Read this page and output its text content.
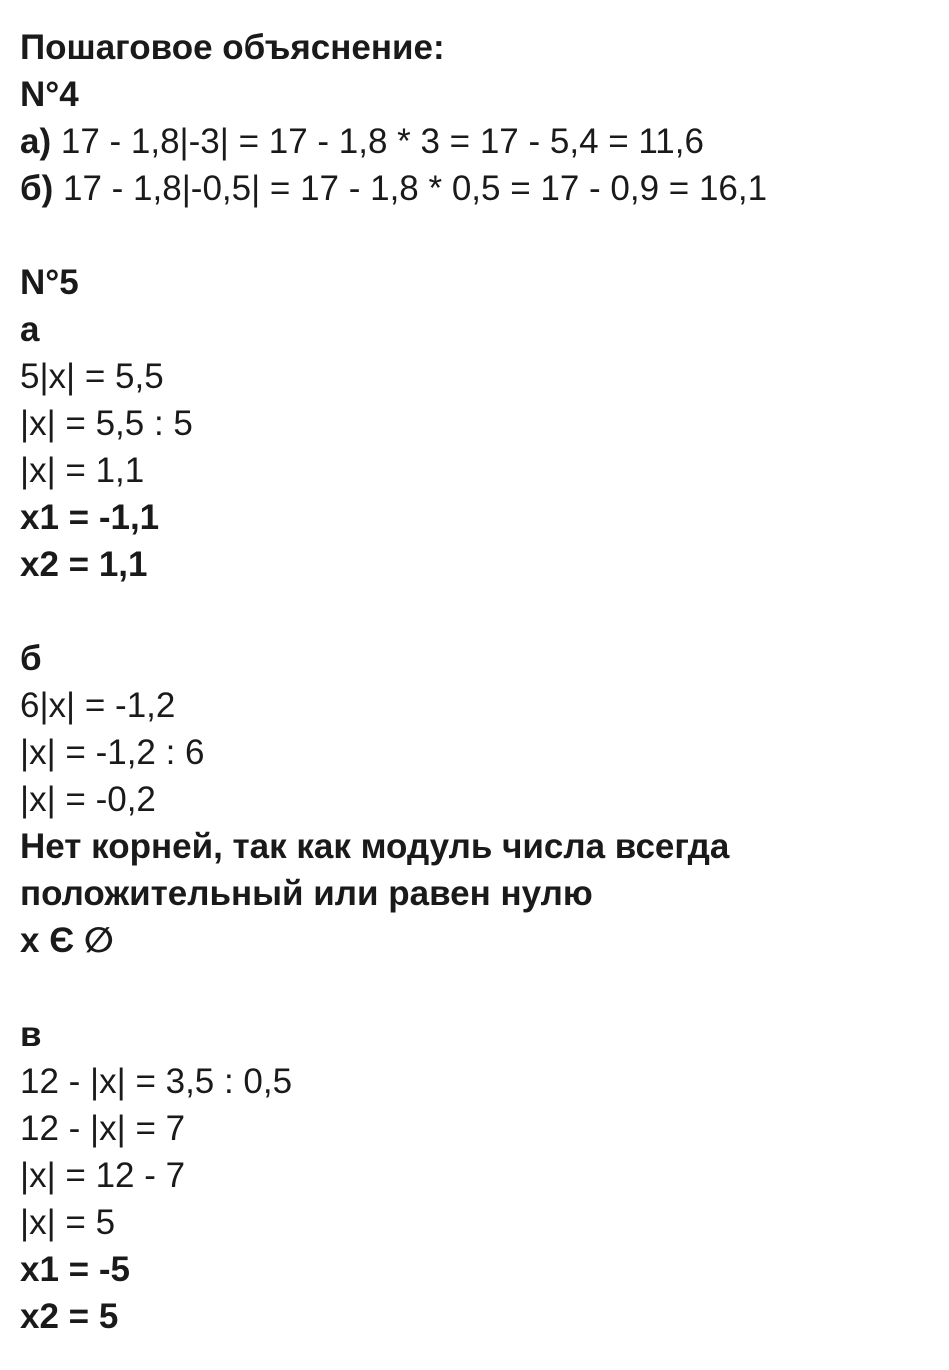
Пошаговое объяснение:
N°4
а) 17 - 1,8|-3| = 17 - 1,8 * 3 = 17 - 5,4 = 11,6
б) 17 - 1,8|-0,5| = 17 - 1,8 * 0,5 = 17 - 0,9 = 16,1
N°5
а
5|x| = 5,5
|x| = 5,5 : 5
|x| = 1,1
x1 = -1,1
x2 = 1,1
б
6|x| = -1,2
|x| = -1,2 : 6
|x| = -0,2
Нет корней, так как модуль числа всегда
положительный или равен нулю
x Є ∅
в
12 - |x| = 3,5 : 0,5
12 - |x| = 7
|x| = 12 - 7
|x| = 5
x1 = -5
x2 = 5
